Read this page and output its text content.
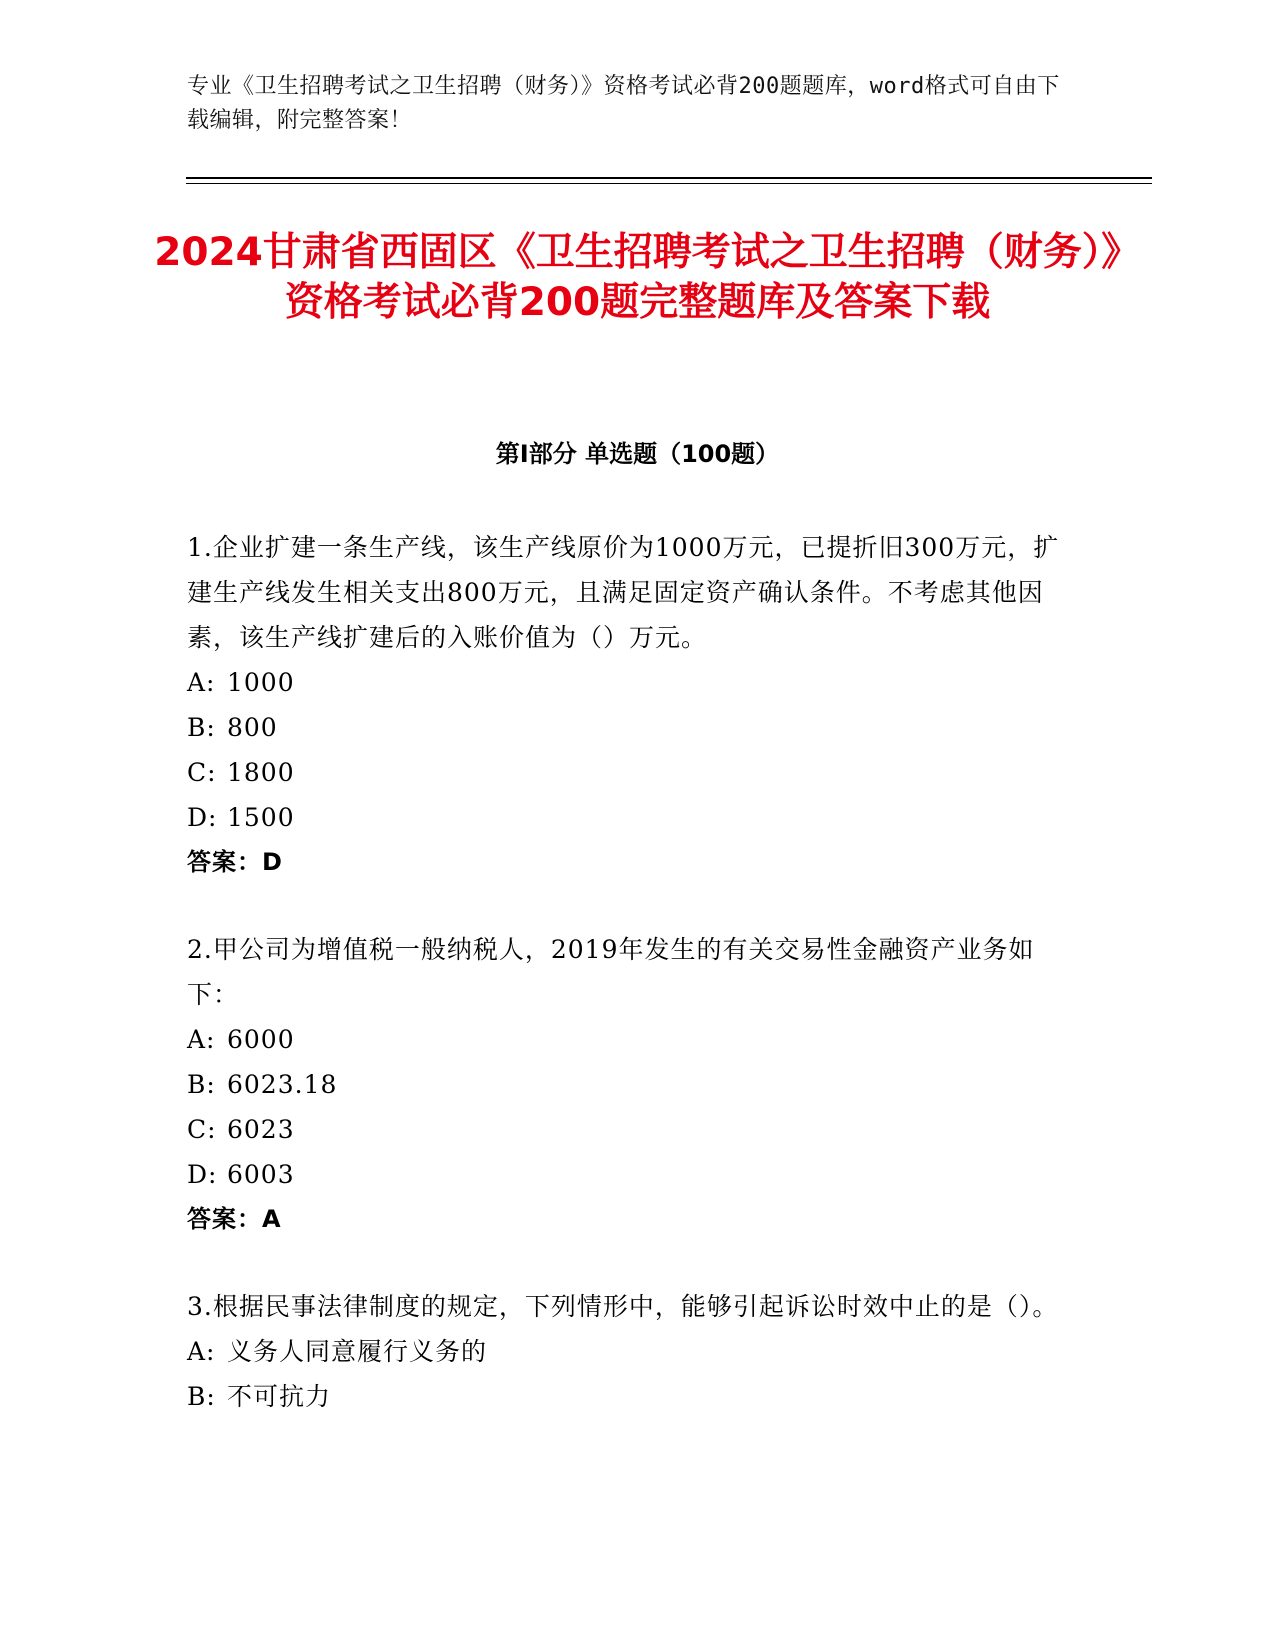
专业《卫生招聘考试之卫生招聘（财务）》资格考试必背200题题库，word格式可自由下载编辑，附完整答案！
2024甘肃省西固区《卫生招聘考试之卫生招聘（财务）》资格考试必背200题完整题库及答案下载
第I部分 单选题（100题）
1.企业扩建一条生产线，该生产线原价为1000万元，已提折旧300万元，扩建生产线发生相关支出800万元，且满足固定资产确认条件。不考虑其他因素，该生产线扩建后的入账价值为（）万元。
A: 1000
B: 800
C: 1800
D: 1500
答案：D
2.甲公司为增值税一般纳税人，2019年发生的有关交易性金融资产业务如下：
A: 6000
B: 6023.18
C: 6023
D: 6003
答案：A
3.根据民事法律制度的规定，下列情形中，能够引起诉讼时效中止的是（）。
A: 义务人同意履行义务的
B: 不可抗力
